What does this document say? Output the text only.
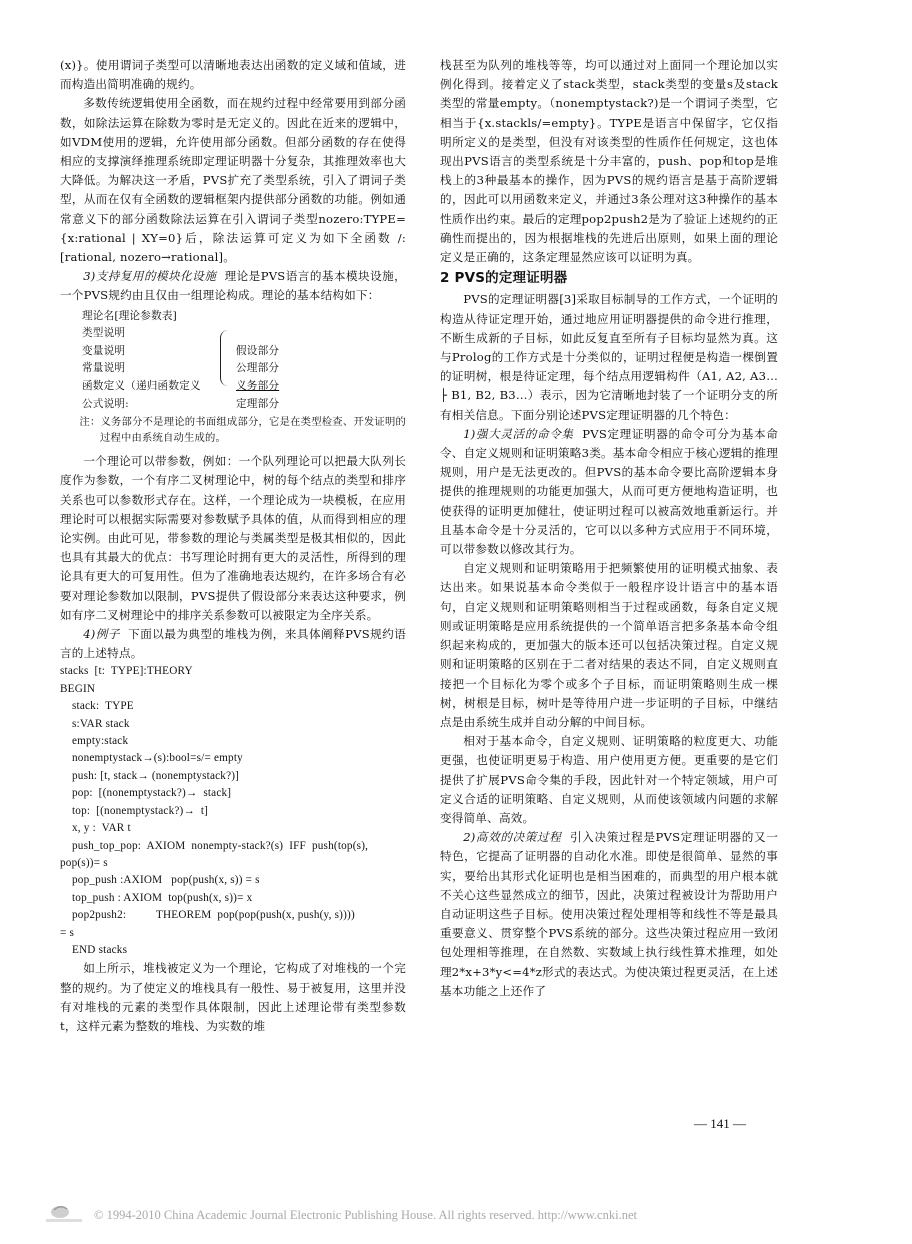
(x)}。使用谓词子类型可以清晰地表达出函数的定义域和值域，进而构造出简明准确的规约。

多数传统逻辑使用全函数，而在规约过程中经常要用到部分函数，如除法运算在除数为零时是无定义的。因此在近来的逻辑中，如VDM使用的逻辑，允许使用部分函数。但部分函数的存在使得相应的支撑演绎推理系统即定理证明器十分复杂，其推理效率也大大降低。为解决这一矛盾，PVS扩充了类型系统，引入了谓词子类型，从而在仅有全函数的逻辑框架内提供部分函数的功能。例如通常意义下的部分函数除法运算在引入谓词子类型nozero:TYPE={x:rational | XY=0}后，除法运算可定义为如下全函数 /: [rational, nozero→rational]。

3)支持复用的模块化设施 理论是PVS语言的基本模块设施，一个PVS规约由且仅由一组理论构成。理论的基本结构如下：

理论名[理论参数表]
类型说明
变量说明	假设部分
常量说明	公理部分
函数定义（递归函数定义	义务部分
公式说明:	定理部分

注：义务部分不是理论的书面组成部分，它是在类型检查、开发证明的过程中由系统自动生成的。

一个理论可以带参数，例如：一个队列理论可以把最大队列长度作为参数，一个有序二叉树理论中，树的每个结点的类型和排序关系也可以参数形式存在。这样，一个理论成为一块模板，在应用理论时可以根据实际需要对参数赋予具体的值，从而得到相应的理论实例。由此可见，带参数的理论与类属类型是极其相似的，因此也具有其最大的优点：书写理论时拥有更大的灵活性，所得到的理论具有更大的可复用性。但为了准确地表达规约，在许多场合有必要对理论参数加以限制，PVS提供了假设部分来表达这种要求，例如有序二叉树理论中的排序关系参数可以被限定为全序关系。

4)例子 下面以最为典型的堆栈为例，来具体阐释PVS规约语言的上述特点。

stacks  [t:  TYPE]:THEORY
BEGIN
stack:  TYPE
s:VAR stack
empty:stack
nonemptystack→(s):bool=s/= empty
push: [t, stack→ (nonemptystack?)]
pop:  [(nonemptystack?)→  stack]
top:  [(nonemptystack?)→  t]
x, y :  VAR t
push_top_pop:  AXIOM  nonempty-stack?(s)  IFF  push(top(s),
pop(s))= s
pop_push :AXIOM   pop(push(x, s)) = s
top_push : AXIOM  top(push(x, s))= x
pop2push2:          THEOREM  pop(pop(push(x, push(y, s))))
= s
END stacks

如上所示，堆栈被定义为一个理论，它构成了对堆栈的一个完整的规约。为了使定义的堆栈具有一般性、易于被复用，这里并没有对堆栈的元素的类型作具体限制，因此上述理论带有类型参数t，这样元素为整数的堆栈、为实数的堆

栈甚至为队列的堆栈等等，均可以通过对上面同一个理论加以实例化得到。接着定义了stack类型，stack类型的变量s及stack类型的常量empty。（nonemptystack?)是一个谓词子类型，它相当于{x.stackls/=empty}。TYPE是语言中保留字，它仅指明所定义的是类型，但没有对该类型的性质作任何规定，这也体现出PVS语言的类型系统是十分丰富的，push、pop和top是堆栈上的3种最基本的操作，因为PVS的规约语言是基于高阶逻辑的，因此可以用函数来定义，并通过3条公理对这3种操作的基本性质作出约束。最后的定理pop2push2是为了验证上述规约的正确性而提出的，因为根据堆栈的先进后出原则，如果上面的理论定义是正确的，这条定理显然应该可以证明为真。

2 PVS的定理证明器

PVS的定理证明器[3]采取目标制导的工作方式，一个证明的构造从待证定理开始，通过地应用证明器提供的命令进行推理，不断生成新的子目标，如此反复直至所有子目标均显然为真。这与Prolog的工作方式是十分类似的，证明过程便是构造一棵倒置的证明树，根是待证定理，每个结点用逻辑构件（A1, A2, A3… ├ B1, B2, B3…）表示，因为它清晰地封装了一个证明分支的所有相关信息。下面分别论述PVS定理证明器的几个特色：

1)强大灵活的命令集 PVS定理证明器的命令可分为基本命令、自定义规则和证明策略3类。基本命令相应于核心逻辑的推理规则，用户是无法更改的。但PVS的基本命令要比高阶逻辑本身提供的推理规则的功能更加强大，从而可更方便地构造证明，也使获得的证明更加健壮，使证明过程可以被高效地重新运行。并且基本命令是十分灵活的，它可以以多种方式应用于不同环境，可以带参数以修改其行为。

自定义规则和证明策略用于把频繁使用的证明模式抽象、表达出来。如果说基本命令类似于一般程序设计语言中的基本语句，自定义规则和证明策略则相当于过程或函数，每条自定义规则或证明策略是应用系统提供的一个简单语言把多条基本命令组织起来构成的，更加强大的版本还可以包括决策过程。自定义规则和证明策略的区别在于二者对结果的表达不同，自定义规则直接把一个目标化为零个或多个子目标，而证明策略则生成一棵树，树根是目标，树叶是等待用户进一步证明的子目标，中继结点是由系统生成并自动分解的中间目标。

相对于基本命令，自定义规则、证明策略的粒度更大、功能更强，也使证明更易于构造、用户使用更方便。更重要的是它们提供了扩展PVS命令集的手段，因此针对一个特定领域，用户可定义合适的证明策略、自定义规则，从而使该领域内问题的求解变得简单、高效。

2)高效的决策过程 引入决策过程是PVS定理证明器的又一特色，它提高了证明器的自动化水准。即使是很简单、显然的事实，要给出其形式化证明也是相当困难的，而典型的用户根本就不关心这些显然成立的细节，因此，决策过程被设计为帮助用户自动证明这些子目标。使用决策过程处理相等和线性不等是最具重要意义、贯穿整个PVS系统的部分。这些决策过程应用一致闭包处理相等推理，在自然数、实数域上执行线性算术推理，如处理2*x+3*y<=4*z形式的表达式。为使决策过程更灵活，在上述基本功能之上还作了

— 141 —
© 1994-2010 China Academic Journal Electronic Publishing House. All rights reserved. http://www.cnki.net
